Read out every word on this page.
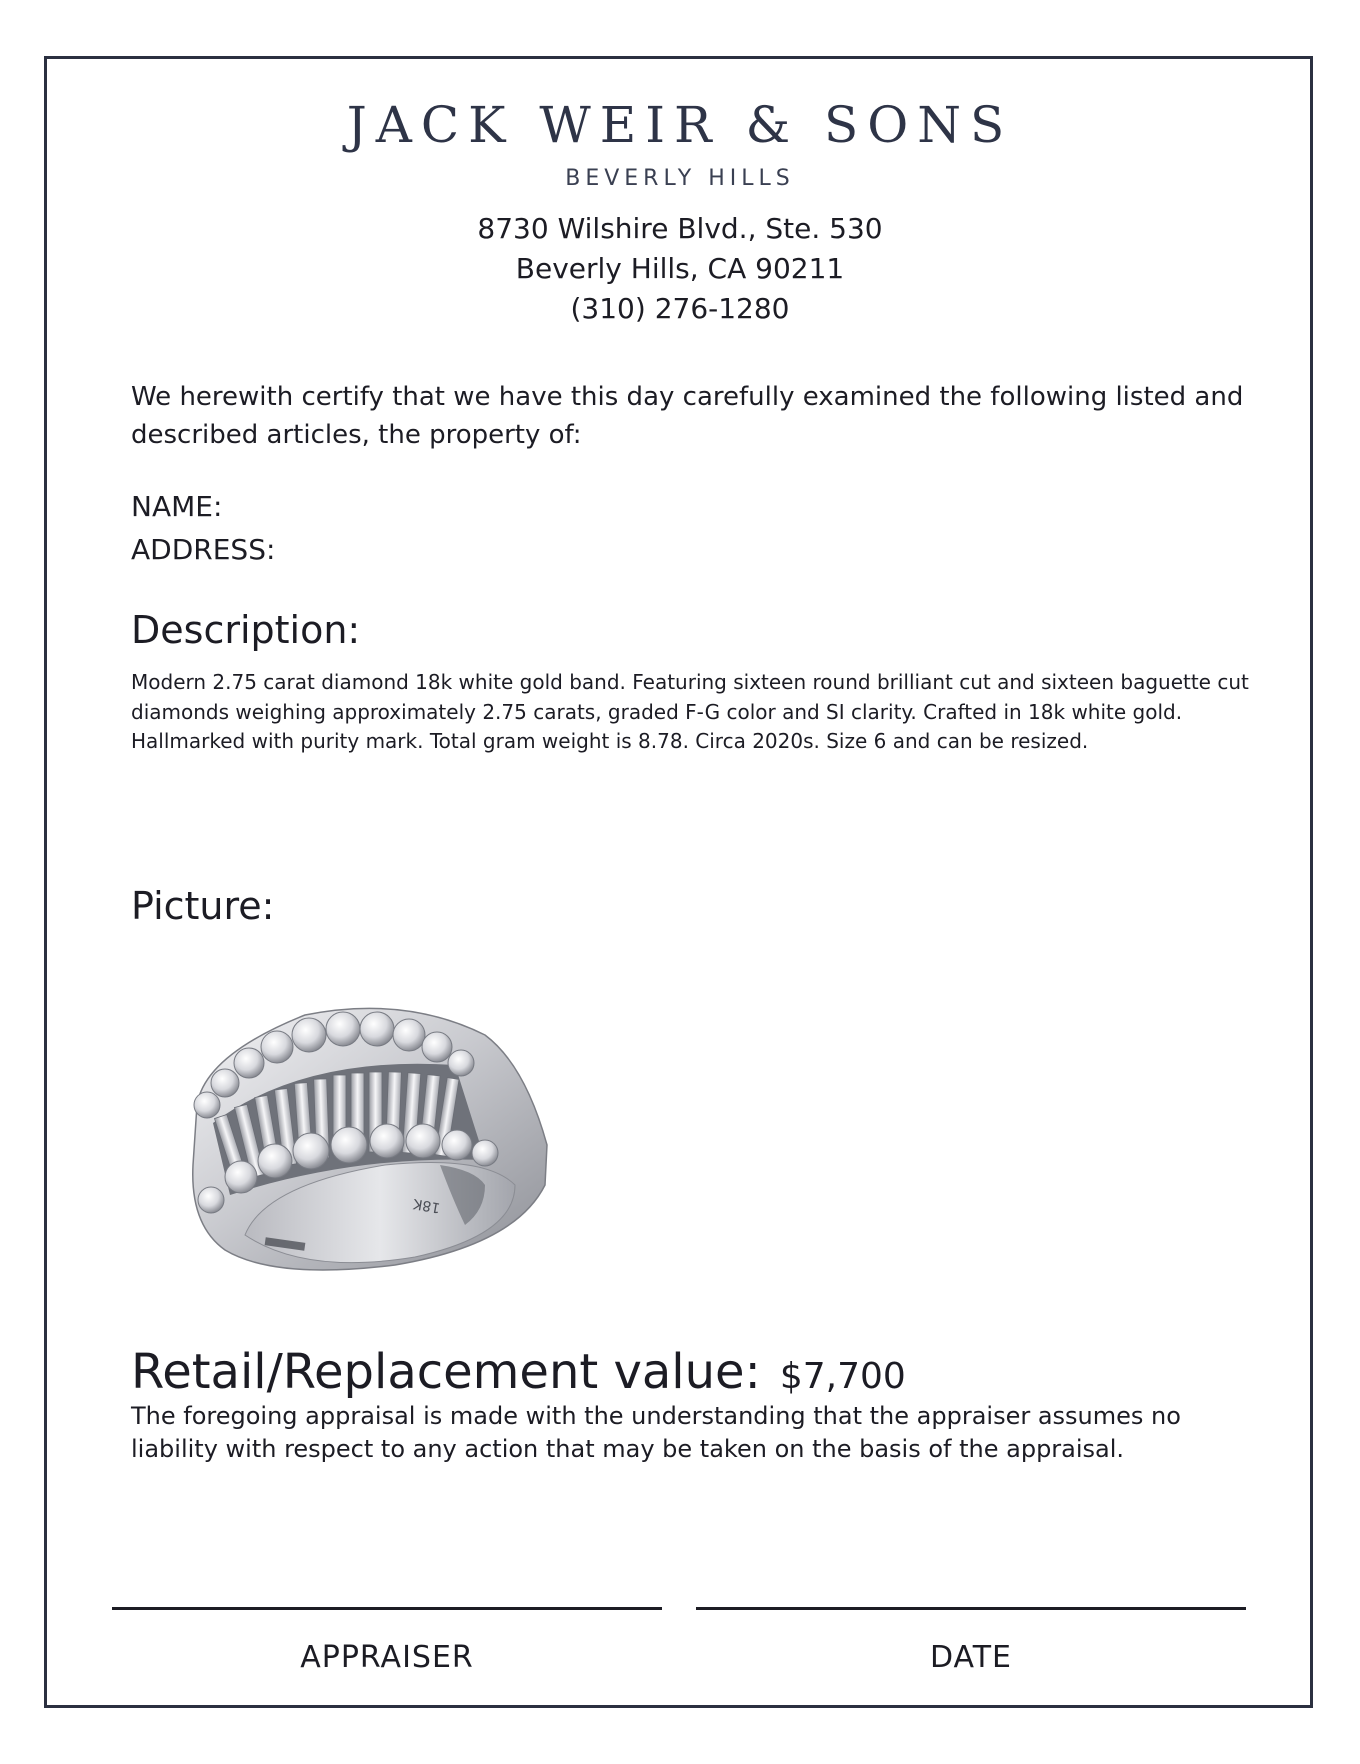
JACK WEIR & SONS
BEVERLY HILLS
8730 Wilshire Blvd., Ste. 530
Beverly Hills, CA 90211
(310) 276-1280
We herewith certify that we have this day carefully examined the following listed and described articles, the property of:
NAME:
ADDRESS:
Description:
Modern 2.75 carat diamond 18k white gold band. Featuring sixteen round brilliant cut and sixteen baguette cut diamonds weighing approximately 2.75 carats, graded F-G color and SI clarity. Crafted in 18k white gold. Hallmarked with purity mark. Total gram weight is 8.78. Circa 2020s. Size 6 and can be resized.
Picture:
18K
Retail/Replacement value: $7,700
The foregoing appraisal is made with the understanding that the appraiser assumes no liability with respect to any action that may be taken on the basis of the appraisal.
APPRAISER	DATE
